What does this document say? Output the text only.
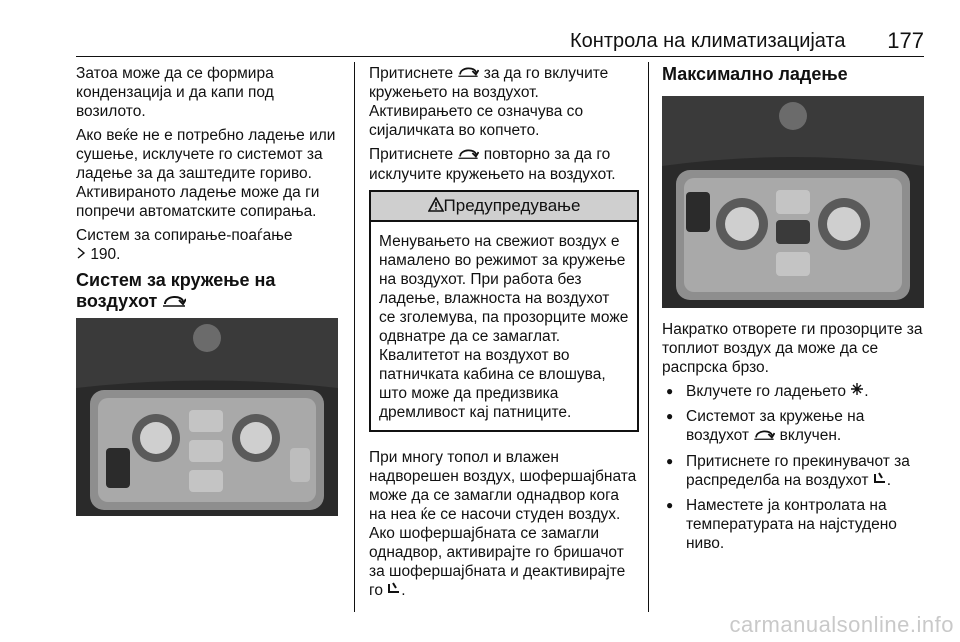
Контрола на климатизацијата 177

Затоа може да се формира кондензација и да капи под возилото.

Ако веќе не е потребно ладење или сушење, исклучете го системот за ладење за да заштедите гориво. Активираното ладење може да ги попречи автоматските сопирања.

Систем за сопирање-поаѓање
190.

Систем за кружење на воздухот

Притиснете за да го вклучите кружењето на воздухот. Активирањето се означува со сијаличката во копчето.

Притиснете повторно за да го исклучите кружењето на воздухот.

Предупредување
Менувањето на свежиот воздух е намалено во режимот за кружење на воздухот. При работа без ладење, влажноста на воздухот се зголемува, па прозорците може одвнатре да се замаглат. Квалитетот на воздухот во патничката кабина се влошува, што може да предизвика дремливост кај патниците.

При многу топол и влажен надворешен воздух, шофершајбната може да се замагли однадвор кога на неа ќе се насочи студен воздух. Ако шофершајбната се замагли однадвор, активирајте го бришачот за шофершајбната и деактивирајте го .

Максимално ладење

Накратко отворете ги прозорците за топлиот воздух да може да се распрска брзо.

● Вклучете го ладењето .
● Системот за кружење на воздухот вклучен.
● Притиснете го прекинувачот за распределба на воздухот .
● Наместете ја контролата на температурата на најстудено ниво.
carmanualsonline.info
